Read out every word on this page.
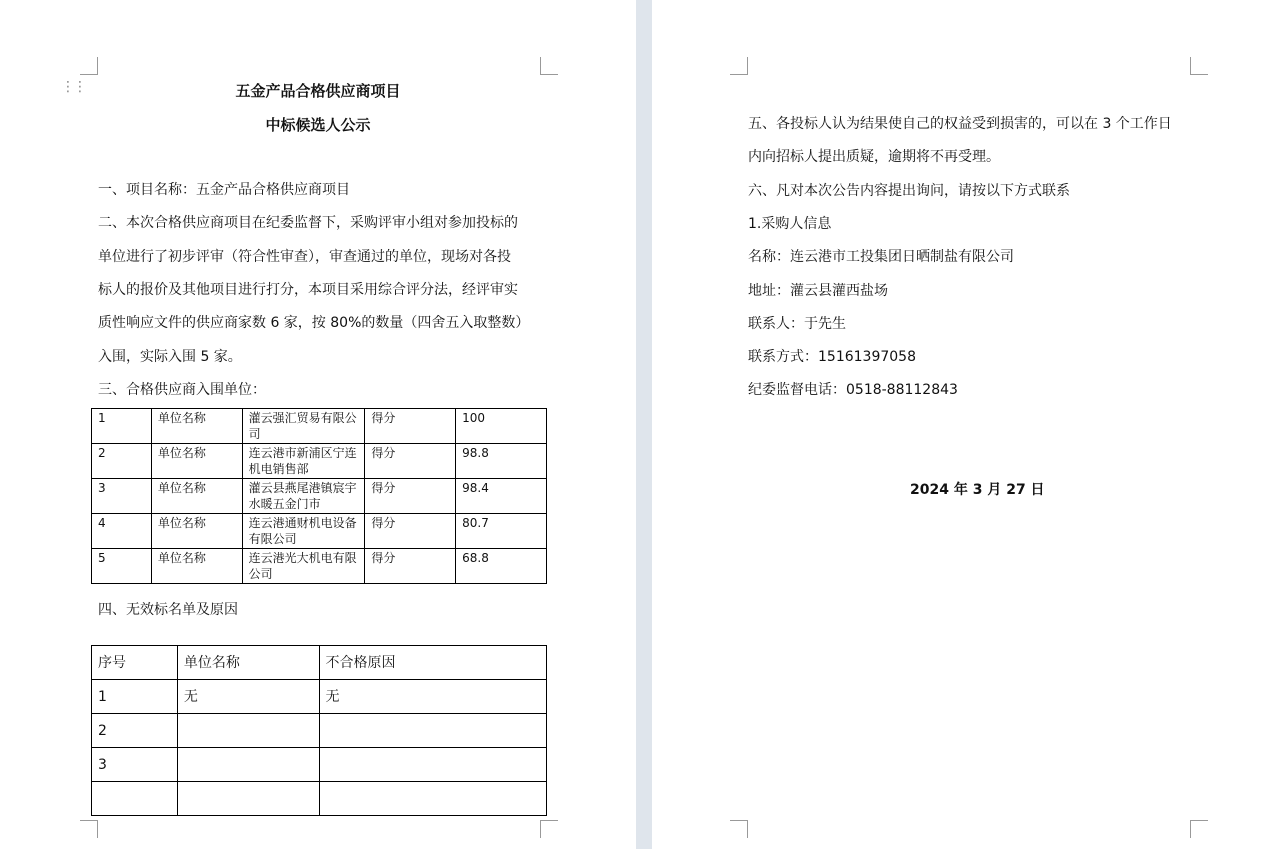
⋮⋮	五金产品合格供应商项目
中标候选人公示
一、项目名称：五金产品合格供应商项目
二、本次合格供应商项目在纪委监督下，采购评审小组对参加投标的
单位进行了初步评审（符合性审查），审查通过的单位，现场对各投
标人的报价及其他项目进行打分，本项目采用综合评分法，经评审实
质性响应文件的供应商家数 6 家，按 80%的数量（四舍五入取整数）
入围，实际入围 5 家。
三、合格供应商入围单位：
1	单位名称	灌云强汇贸易有限公司	得分	100
2	单位名称	连云港市新浦区宁连机电销售部	得分	98.8
3	单位名称	灌云县燕尾港镇宸宇水暖五金门市	得分	98.4
4	单位名称	连云港通财机电设备有限公司	得分	80.7
5	单位名称	连云港光大机电有限公司	得分	68.8
四、无效标名单及原因
序号	单位名称	不合格原因
1	无	无
2		
3		

五、各投标人认为结果使自己的权益受到损害的，可以在 3 个工作日
内向招标人提出质疑，逾期将不再受理。
六、凡对本次公告内容提出询问，请按以下方式联系
1.采购人信息
名称：连云港市工投集团日晒制盐有限公司
地址：灌云县灌西盐场
联系人：于先生
联系方式：15161397058
纪委监督电话：0518-88112843
2024 年 3 月 27 日
